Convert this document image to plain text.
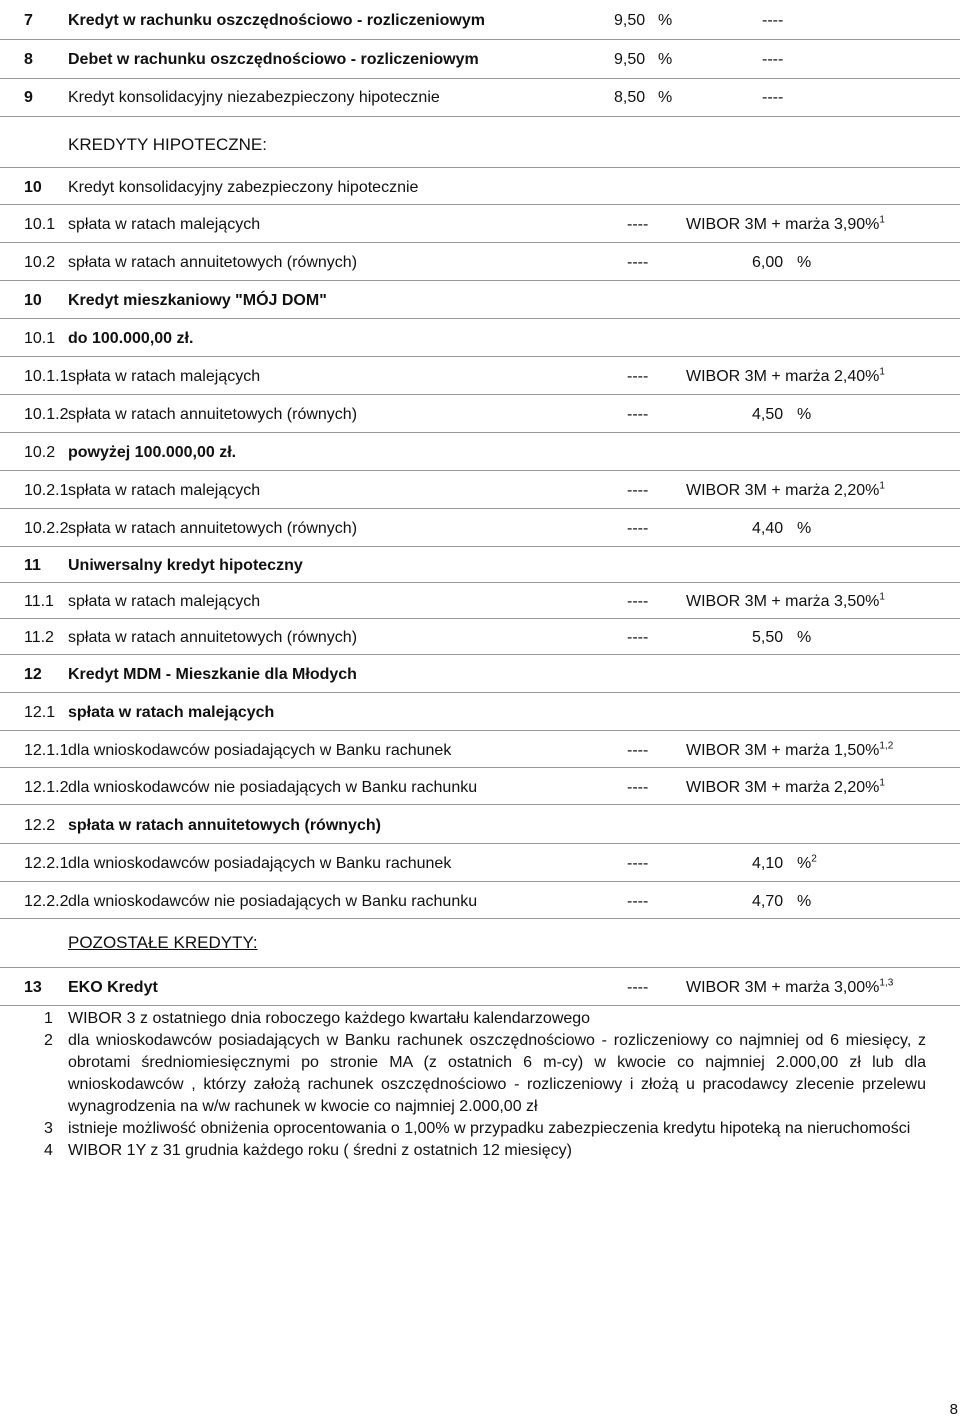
7 Kredyt w rachunku oszczędnościowo - rozliczeniowym	9,50 %	----
8 Debet w rachunku oszczędnościowo - rozliczeniowym	9,50 %	----
9 Kredyt konsolidacyjny niezabezpieczony hipotecznie	8,50 %	----
KREDYTY HIPOTECZNE:
10 Kredyt konsolidacyjny zabezpieczony hipotecznie
10.1 spłata w ratach malejących	---- WIBOR 3M + marża 3,90%$^1$
10.2 spłata w ratach annuitetowych (równych)	----	6,00 %
10 Kredyt mieszkaniowy "MÓJ DOM"
10.1 do 100.000,00 zł.
10.1.1 spłata w ratach malejących	---- WIBOR 3M + marża 2,40%$^1$
10.1.2 spłata w ratach annuitetowych (równych)	----	4,50 %
10.2 powyżej 100.000,00 zł.
10.2.1 spłata w ratach malejących	---- WIBOR 3M + marża 2,20%$^1$
10.2.2 spłata w ratach annuitetowych (równych)	----	4,40 %
11 Uniwersalny kredyt hipoteczny
11.1 spłata w ratach malejących	---- WIBOR 3M + marża 3,50%$^1$
11.2 spłata w ratach annuitetowych (równych)	----	5,50 %
12 Kredyt MDM - Mieszkanie dla Młodych
12.1 spłata w ratach malejących
12.1.1 dla wnioskodawców posiadających w Banku rachunek	---- WIBOR 3M + marża 1,50%$^{1,2}$
12.1.2 dla wnioskodawców nie posiadających w Banku rachunku	---- WIBOR 3M + marża 2,20%$^1$
12.2 spłata w ratach annuitetowych (równych)
12.2.1 dla wnioskodawców posiadających w Banku rachunek	----	4,10 %$^2$
12.2.2 dla wnioskodawców nie posiadających w Banku rachunku	----	4,70 %
POZOSTAŁE KREDYTY:
13 EKO Kredyt	---- WIBOR 3M + marża 3,00%$^{1,3}$
1 WIBOR 3 z ostatniego dnia roboczego każdego kwartału kalendarzowego
2 dla wnioskodawców posiadających w Banku rachunek oszczędnościowo - rozliczeniowy co najmniej od 6 miesięcy, z obrotami średniomiesięcznymi po stronie MA (z ostatnich 6 m-cy) w kwocie co najmniej 2.000,00 zł lub dla wnioskodawców , którzy założą rachunek oszczędnościowo - rozliczeniowy i złożą u pracodawcy zlecenie przelewu wynagrodzenia na w/w rachunek w kwocie co najmniej 2.000,00 zł
3 istnieje możliwość obniżenia oprocentowania o 1,00% w przypadku zabezpieczenia kredytu hipoteką na nieruchomości
4 WIBOR 1Y z 31 grudnia każdego roku ( średni z ostatnich 12 miesięcy)
8
